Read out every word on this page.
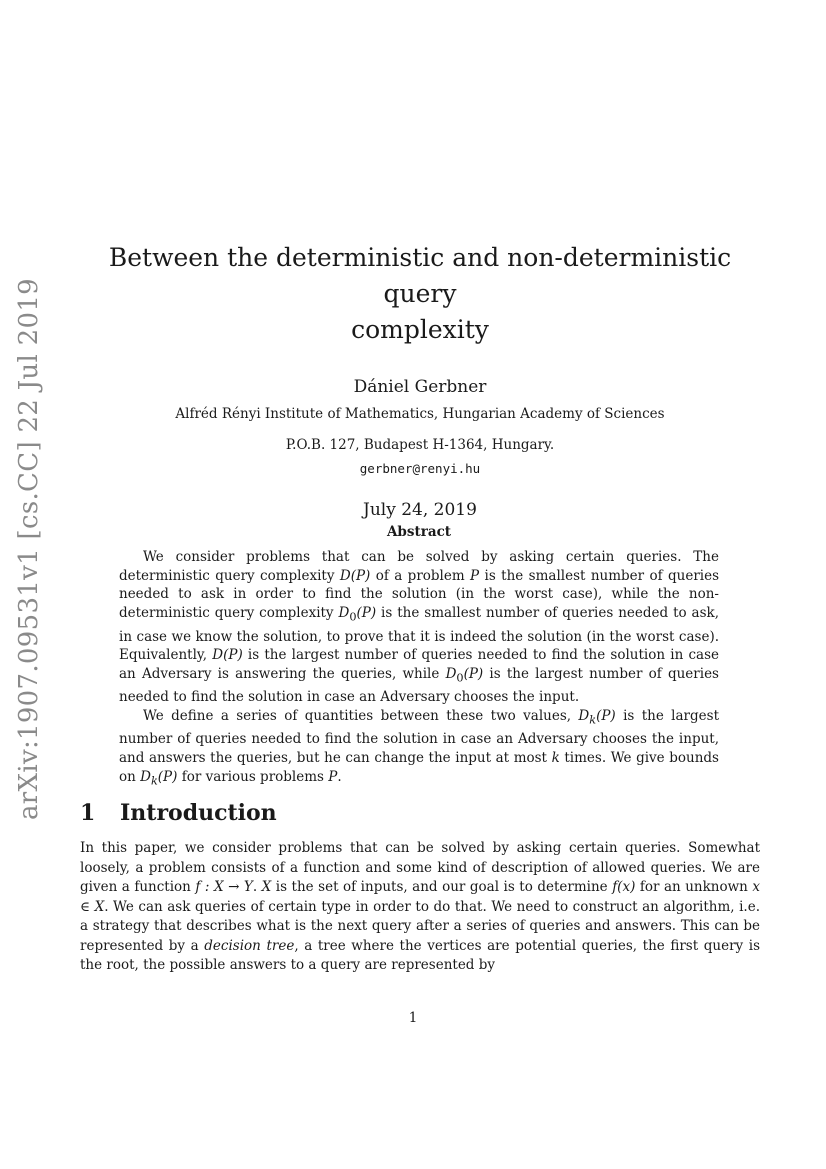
arXiv:1907.09531v1 [cs.CC] 22 Jul 2019
Between the deterministic and non-deterministic query
complexity
Dániel Gerbner
Alfréd Rényi Institute of Mathematics, Hungarian Academy of Sciences
P.O.B. 127, Budapest H-1364, Hungary.
gerbner@renyi.hu
July 24, 2019
Abstract

We consider problems that can be solved by asking certain queries. The deterministic query complexity D(P) of a problem P is the smallest number of queries needed to ask in order to find the solution (in the worst case), while the non-deterministic query complexity $D_0(P)$ is the smallest number of queries needed to ask, in case we know the solution, to prove that it is indeed the solution (in the worst case). Equivalently, D(P) is the largest number of queries needed to find the solution in case an Adversary is answering the queries, while $D_0(P)$ is the largest number of queries needed to find the solution in case an Adversary chooses the input.

We define a series of quantities between these two values, $D_k(P)$ is the largest number of queries needed to find the solution in case an Adversary chooses the input, and answers the queries, but he can change the input at most k times. We give bounds on $D_k(P)$ for various problems P.

1 Introduction

In this paper, we consider problems that can be solved by asking certain queries. Somewhat loosely, a problem consists of a function and some kind of description of allowed queries. We are given a function f : X → Y. X is the set of inputs, and our goal is to determine f(x) for an unknown x ∈ X. We can ask queries of certain type in order to do that. We need to construct an algorithm, i.e. a strategy that describes what is the next query after a series of queries and answers. This can be represented by a decision tree, a tree where the vertices are potential queries, the first query is the root, the possible answers to a query are represented by

1
